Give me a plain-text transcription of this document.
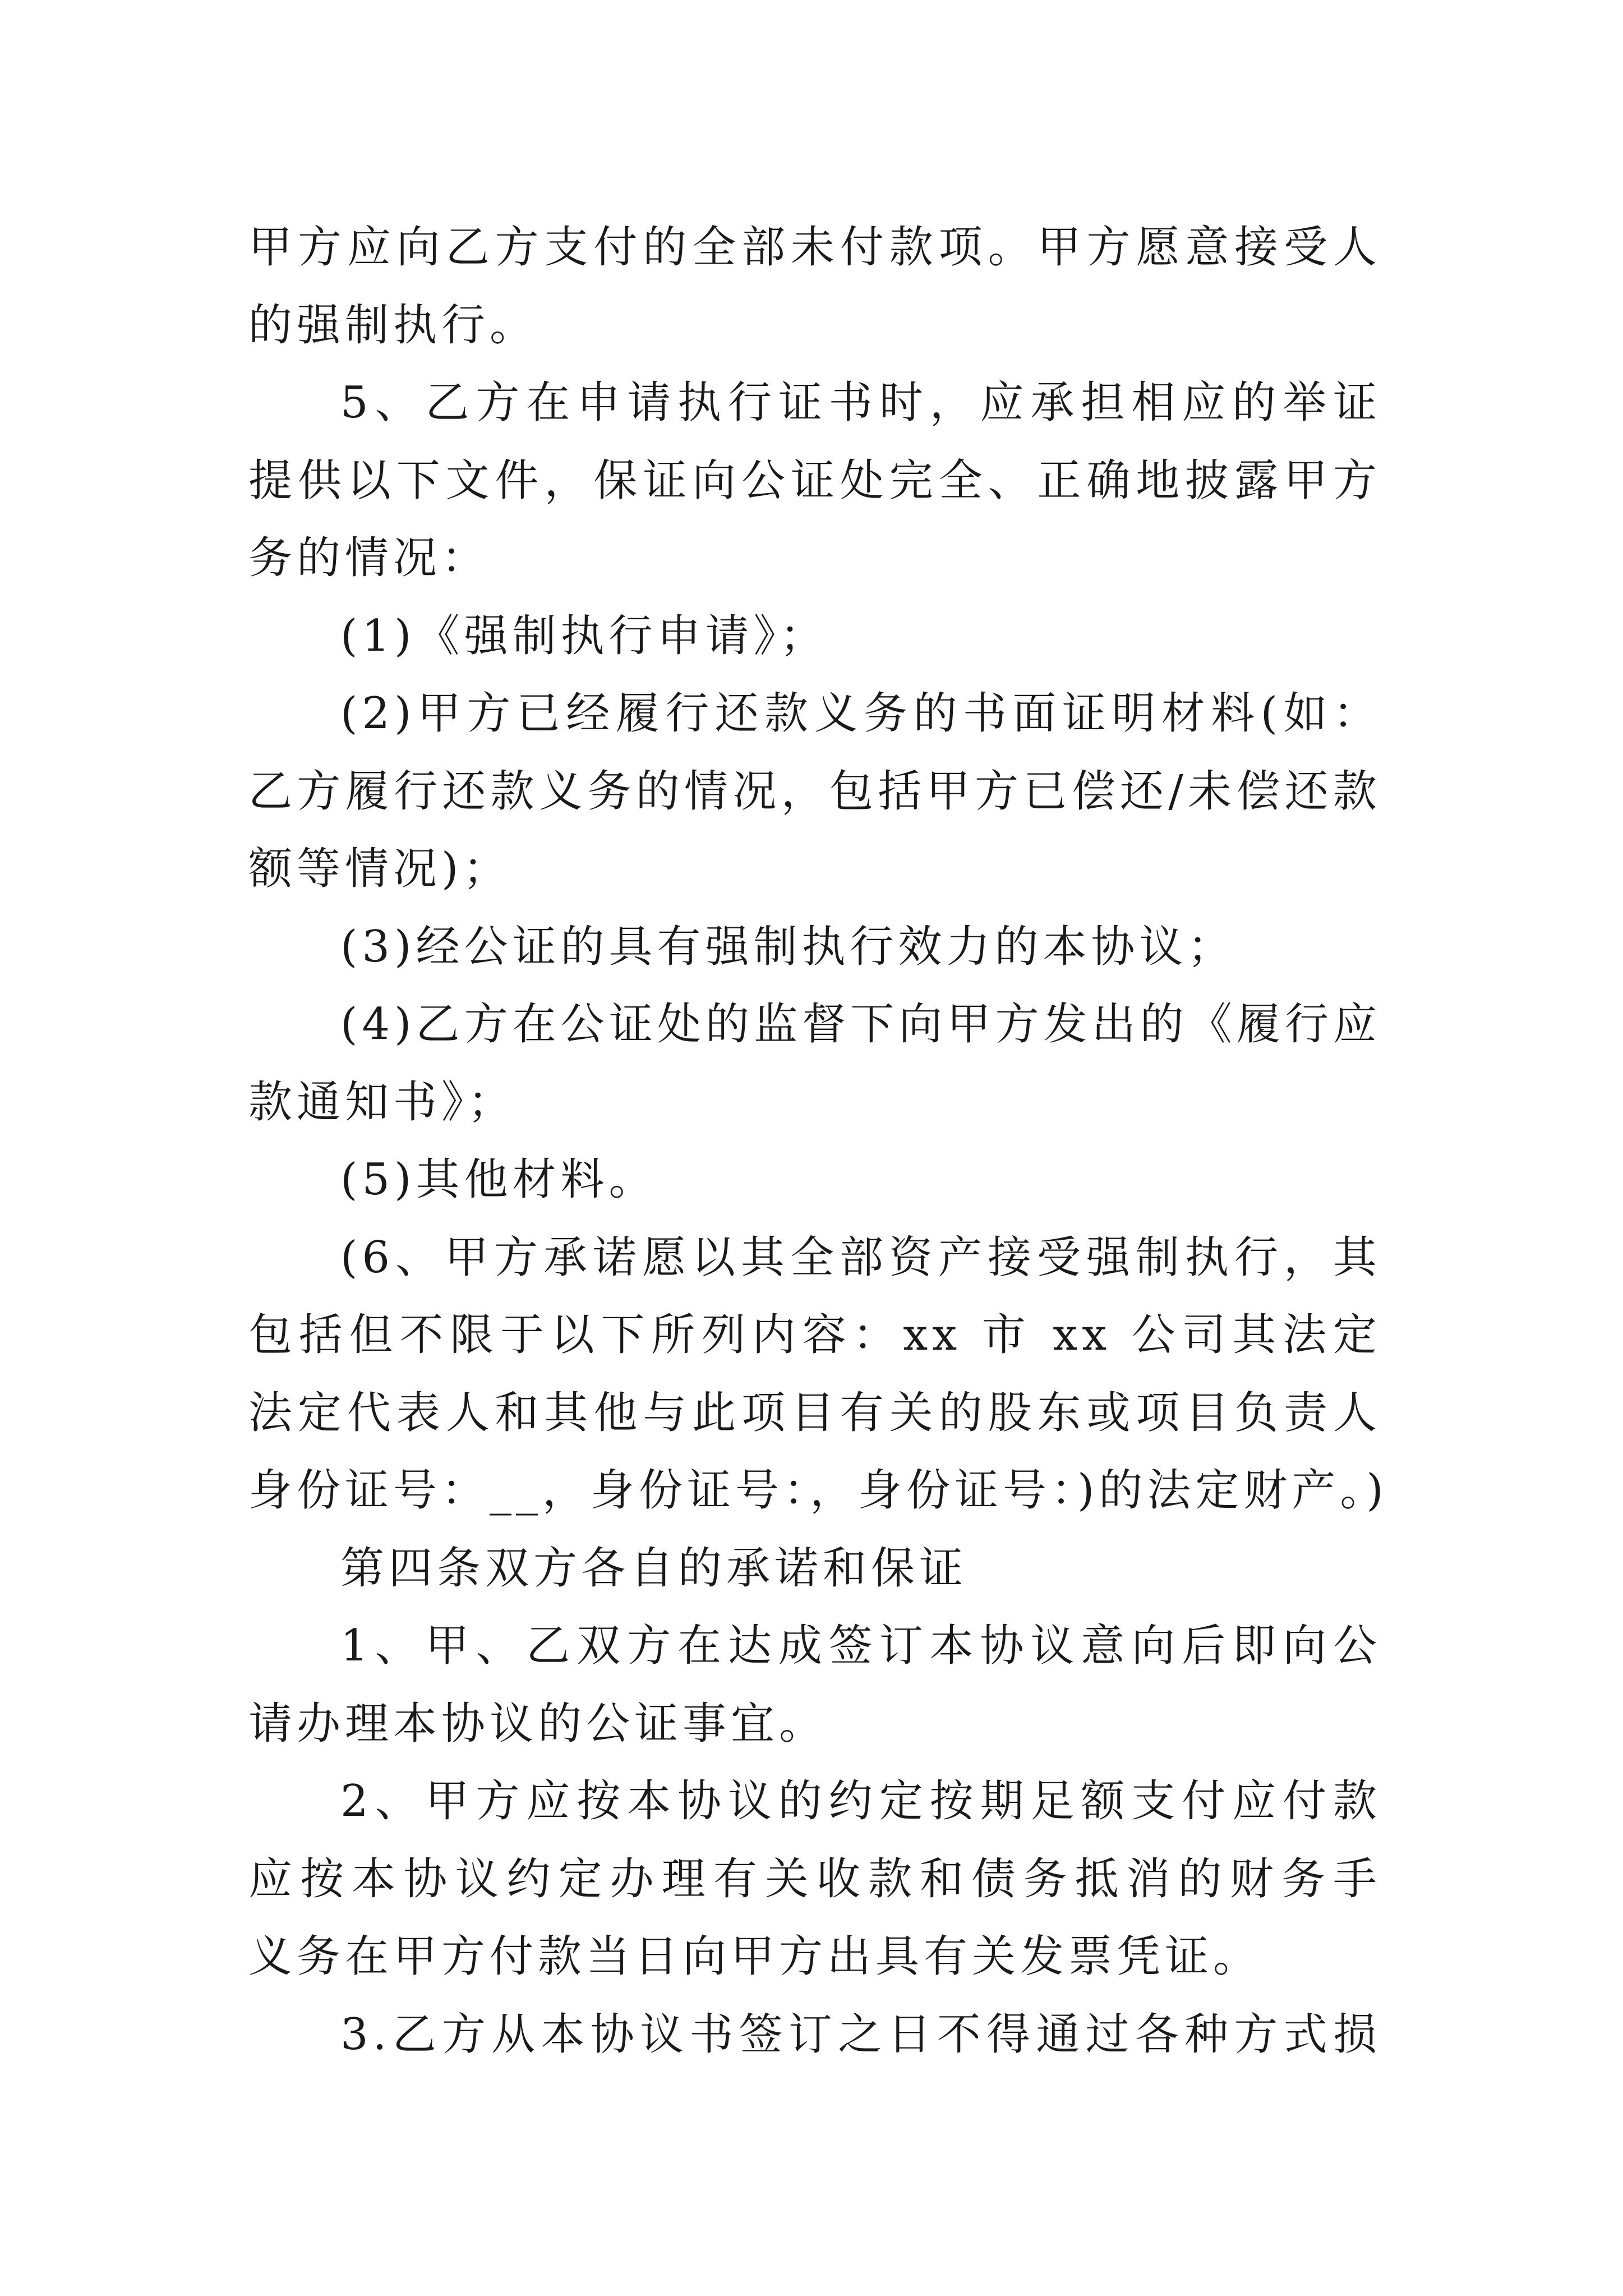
甲方应向乙方支付的全部未付款项。甲方愿意接受人
的强制执行。
5、乙方在申请执行证书时，应承担相应的举证
提供以下文件，保证向公证处完全、正确地披露甲方
务的情况：
(1)《强制执行申请》；
(2)甲方已经履行还款义务的书面证明材料(如：
乙方履行还款义务的情况，包括甲方已偿还/未偿还款
额等情况)；
(3)经公证的具有强制执行效力的本协议；
(4)乙方在公证处的监督下向甲方发出的《履行应
款通知书》；
(5)其他材料。
(6、甲方承诺愿以其全部资产接受强制执行，其
包括但不限于以下所列内容：xx 市 xx 公司其法定
法定代表人和其他与此项目有关的股东或项目负责人
身份证号：__，身份证号：，身份证号：)的法定财产。)
第四条双方各自的承诺和保证
1、甲、乙双方在达成签订本协议意向后即向公
请办理本协议的公证事宜。
2、甲方应按本协议的约定按期足额支付应付款
应按本协议约定办理有关收款和债务抵消的财务手
义务在甲方付款当日向甲方出具有关发票凭证。
3.乙方从本协议书签订之日不得通过各种方式损
